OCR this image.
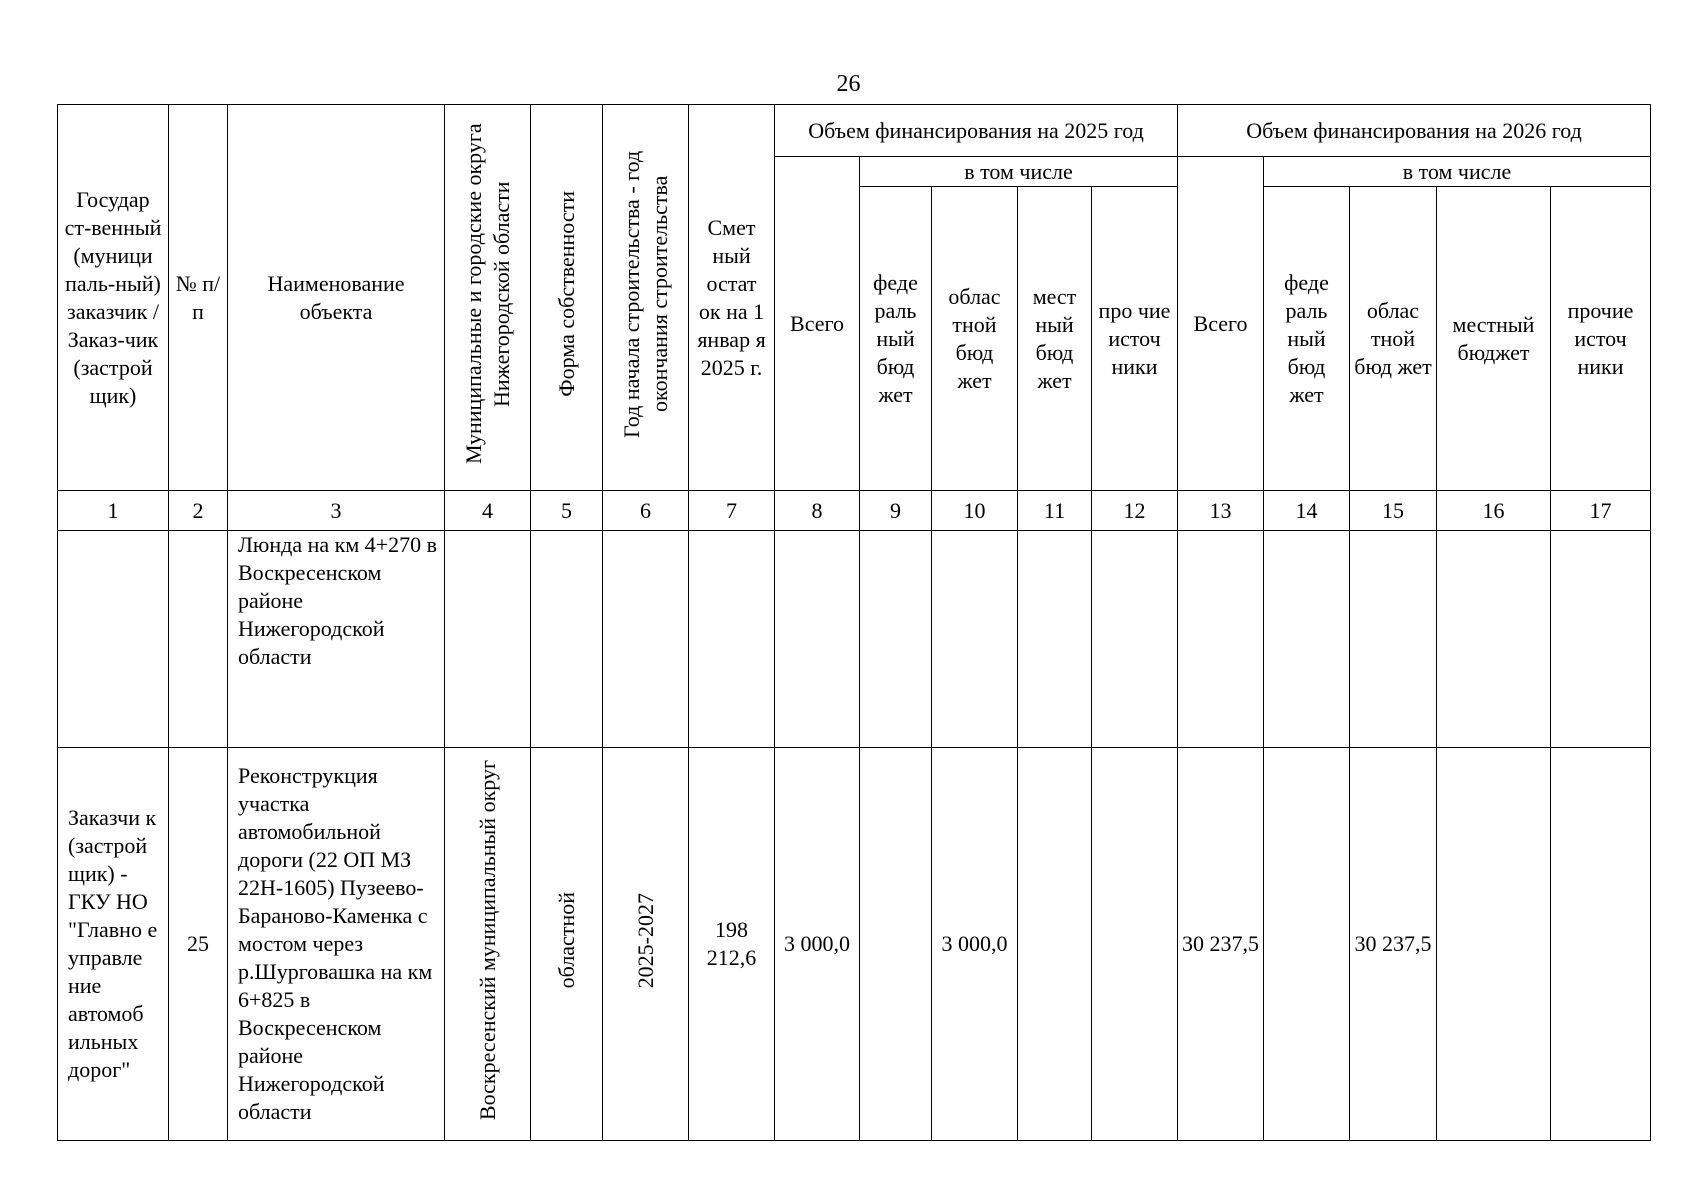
26
Государ ст-венный (муници паль-ный) заказчик / Заказ-чик (застрой щик)	№ п/п	Наименование объекта	Муниципальные и городские округа Нижегородской области	Форма собственности	Год начала строительства - год окончания строительства	Смет ный остат ок на 1 январ я 2025 г.	Объем финансирования на 2025 год					Объем финансирования на 2026 год				
							Всего	в том числе				Всего	в том числе			
								феде раль ный бюд жет	облас тной бюд жет	мест ный бюд жет	про чие источ ники		феде раль ный бюд жет	облас тной бюд жет	местный бюджет	прочие источ ники
1	2	3	4	5	6	7	8	9	10	11	12	13	14	15	16	17
		Люнда на км 4+270 в Воскресенском районе Нижегородской области														
Заказчи к (застрой щик) - ГКУ НО "Главно е управле ние автомоб ильных дорог"	25	Реконструкция участка автомобильной дороги (22 ОП МЗ 22Н-1605) Пузеево-Бараново-Каменка с мостом через р.Шурговашка на км 6+825 в Воскресенском районе Нижегородской области	Воскресенский муниципальный округ	областной	2025-2027	198 212,6	3 000,0		3 000,0			30 237,5		30 237,5		
